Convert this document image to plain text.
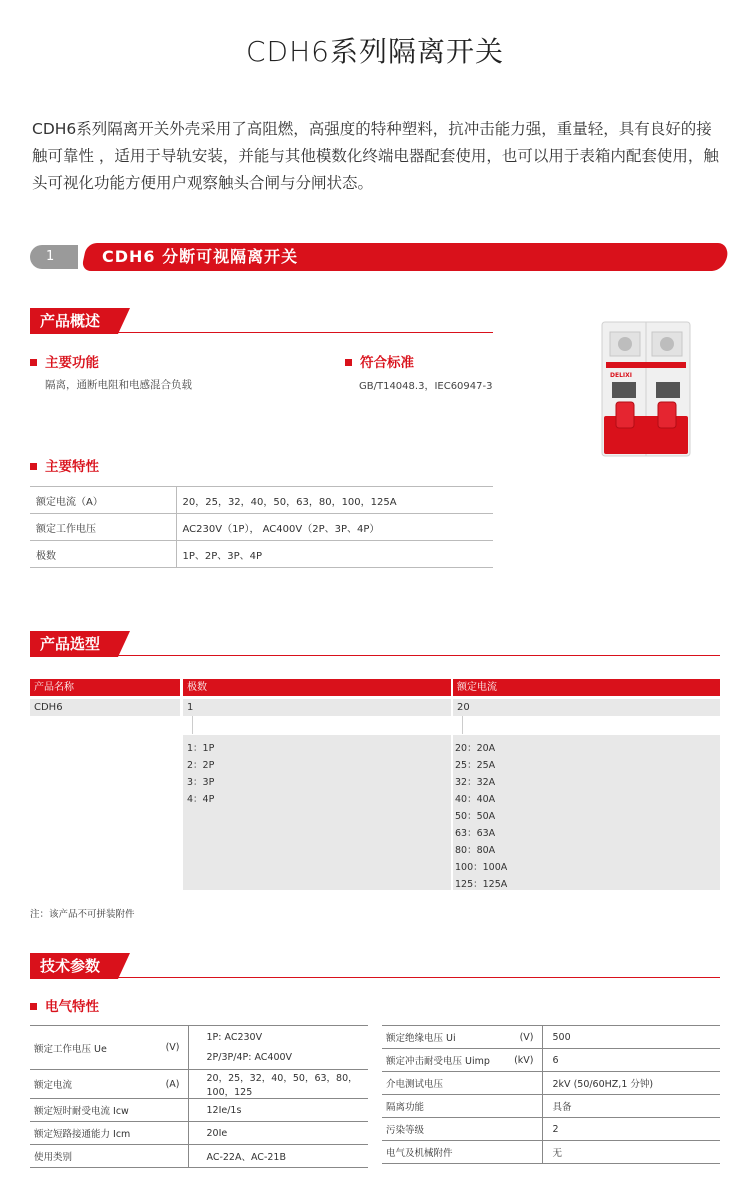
CDH6系列隔离开关
CDH6系列隔离开关外壳采用了高阻燃，高强度的特种塑料，抗冲击能力强，重量轻，具有良好的接触可靠性 ，适用于导轨安装，并能与其他模数化终端电器配套使用，也可以用于表箱内配套使用，触头可视化功能方便用户观察触头合闸与分闸状态。
1	CDH6 分断可视隔离开关
产品概述
主要功能
隔离，通断电阻和电感混合负载
符合标准
GB/T14048.3，IEC60947-3
主要特性
额定电流（A）	20，25，32，40，50，63，80，100，125A
额定工作电压	AC230V（1P）， AC400V（2P、3P、4P）
极数	1P、2P、3P、4P
DELIXI
产品选型
产品名称	极数	额定电流
CDH6	1	20
1：1P
2：2P
3：3P
4：4P
20：20A
25：25A
32：32A
40：40A
50：50A
63：63A
80：80A
100：100A
125：125A
注：该产品不可拼装附件
技术参数
电气特性
额定工作电压 Ue	(V)	1P: AC230V
2P/3P/4P: AC400V

额定电流	(A)	20，25，32，40，50，63，80，100，125
额定短时耐受电流 Icw		12Ie/1s
额定短路接通能力 Icm		20Ie
使用类别		AC-22A、AC-21B
额定绝缘电压 Ui	(V)	500
额定冲击耐受电压 Uimp	(kV)	6
介电测试电压		2kV (50/60HZ,1 分钟)
隔离功能		具备
污染等级		2
电气及机械附件		无
